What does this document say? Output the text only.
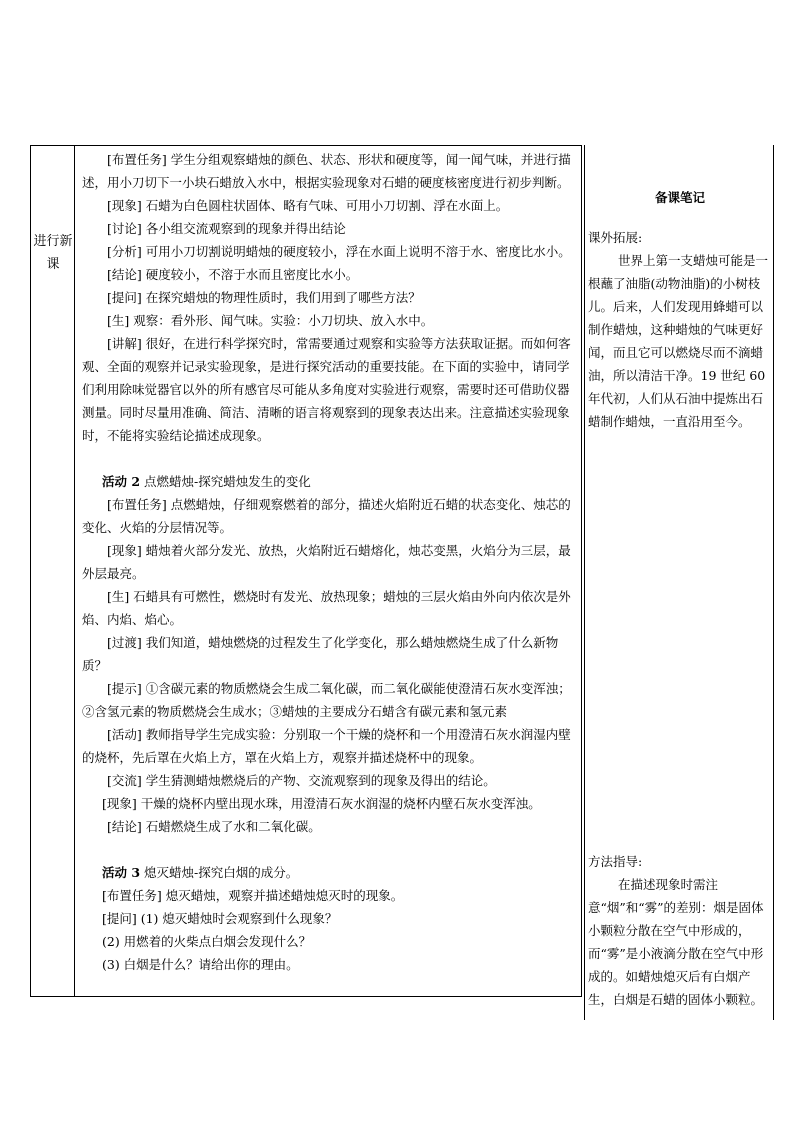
进行新课

[布置任务] 学生分组观察蜡烛的颜色、状态、形状和硬度等，闻一闻气味，并进行描述，用小刀切下一小块石蜡放入水中，根据实验现象对石蜡的硬度核密度进行初步判断。

[现象] 石蜡为白色圆柱状固体、略有气味、可用小刀切割、浮在水面上。

[讨论] 各小组交流观察到的现象并得出结论

[分析] 可用小刀切割说明蜡烛的硬度较小，浮在水面上说明不溶于水、密度比水小。

[结论] 硬度较小，不溶于水而且密度比水小。

[提问] 在探究蜡烛的物理性质时，我们用到了哪些方法？

[生] 观察：看外形、闻气味。实验：小刀切块、放入水中。

[讲解] 很好，在进行科学探究时，常需要通过观察和实验等方法获取证据。而如何客观、全面的观察并记录实验现象，是进行探究活动的重要技能。在下面的实验中，请同学们利用除味觉器官以外的所有感官尽可能从多角度对实验进行观察，需要时还可借助仪器测量。同时尽量用准确、简洁、清晰的语言将观察到的现象表达出来。注意描述实验现象时，不能将实验结论描述成现象。

活动 2 点燃蜡烛-探究蜡烛发生的变化

[布置任务] 点燃蜡烛，仔细观察燃着的部分，描述火焰附近石蜡的状态变化、烛芯的变化、火焰的分层情况等。

[现象] 蜡烛着火部分发光、放热，火焰附近石蜡熔化，烛芯变黑，火焰分为三层，最外层最亮。

[生] 石蜡具有可燃性，燃烧时有发光、放热现象；蜡烛的三层火焰由外向内依次是外焰、内焰、焰心。

[过渡] 我们知道，蜡烛燃烧的过程发生了化学变化，那么蜡烛燃烧生成了什么新物质？

[提示] ①含碳元素的物质燃烧会生成二氧化碳，而二氧化碳能使澄清石灰水变浑浊；②含氢元素的物质燃烧会生成水；③蜡烛的主要成分石蜡含有碳元素和氢元素

[活动] 教师指导学生完成实验：分别取一个干燥的烧杯和一个用澄清石灰水润湿内壁的烧杯，先后罩在火焰上方，罩在火焰上方，观察并描述烧杯中的现象。

[交流] 学生猜测蜡烛燃烧后的产物、交流观察到的现象及得出的结论。

[现象] 干燥的烧杯内壁出现水珠，用澄清石灰水润湿的烧杯内壁石灰水变浑浊。

[结论] 石蜡燃烧生成了水和二氧化碳。

活动 3 熄灭蜡烛-探究白烟的成分。

[布置任务] 熄灭蜡烛，观察并描述蜡烛熄灭时的现象。

[提问] (1) 熄灭蜡烛时会观察到什么现象？

(2) 用燃着的火柴点白烟会发现什么？

(3) 白烟是什么？请给出你的理由。

备课笔记

课外拓展:

世界上第一支蜡烛可能是一根蘸了油脂(动物油脂)的小树枝儿。后来，人们发现用蜂蜡可以制作蜡烛，这种蜡烛的气味更好闻，而且它可以燃烧尽而不滴蜡油，所以清洁干净。19 世纪 60 年代初，人们从石油中提炼出石蜡制作蜡烛，一直沿用至今。

方法指导:

在描述现象时需注意“烟”和“雾”的差别：烟是固体小颗粒分散在空气中形成的，而“雾”是小液滴分散在空气中形成的。如蜡烛熄灭后有白烟产生，白烟是石蜡的固体小颗粒。
